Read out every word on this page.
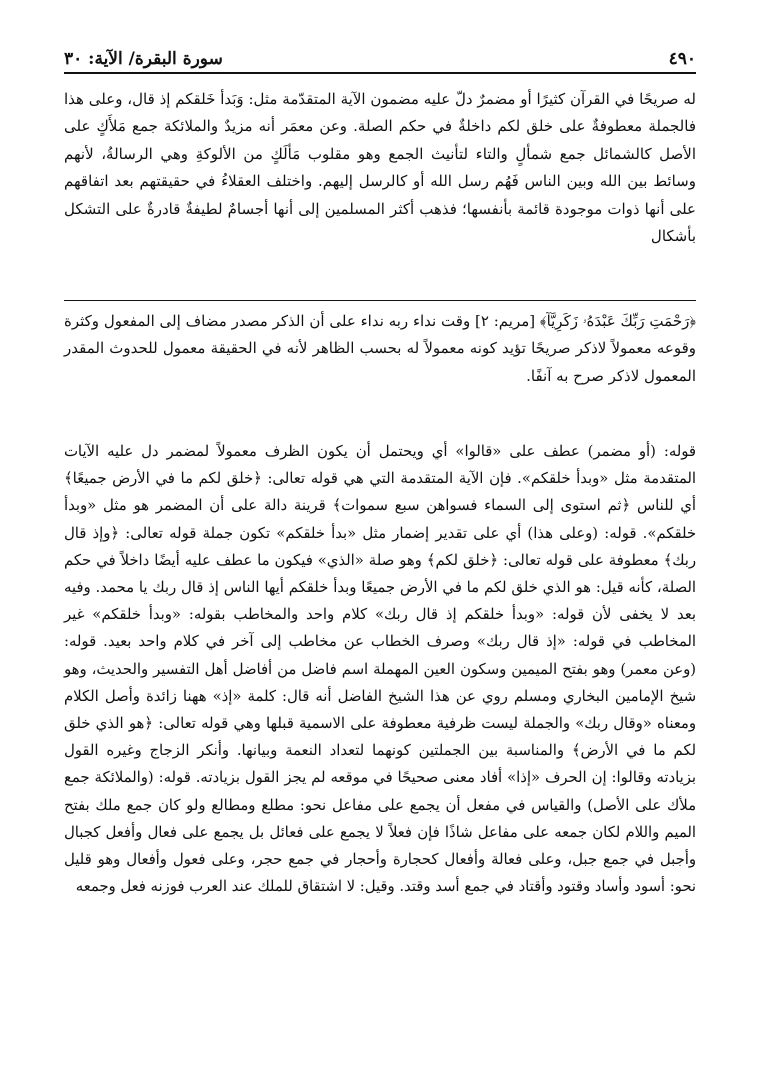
٤٩٠
سورة البقرة/ الآية: ٣٠

له صريحًا في القرآن كثيرًا أو مضمرٌ دلّ عليه مضمون الآية المتقدّمة مثل: وَبَدأ خَلقكم إذ قال، وعلى هذا فالجملة معطوفةٌ على خلق لكم داخلةٌ في حكم الصلة. وعن معمَر أنه مزيدٌ والملائكة جمع مَلأَكٍ على الأصل كالشمائل جمع شمألٍ والتاء لتأنيث الجمع وهو مقلوب مَألَكٍ من الألوكةِ وهي الرسالةُ، لأنهم وسائط بين الله وبين الناس فَهُم رسل الله أو كالرسل إليهم. واختلف العقلاءُ في حقيقتهم بعد اتفاقهم على أنها ذوات موجودة قائمة بأنفسها؛ فذهب أكثر المسلمين إلى أنها أجسامٌ لطيفةٌ قادرةٌ على التشكل بأشكال

﴿رَحْمَتِ رَبِّكَ عَبْدَهُۥ زَكَرِيَّآ﴾ [مريم: ٢] وقت نداء ربه نداء على أن الذكر مصدر مضاف إلى المفعول وكثرة وقوعه معمولاً لاذكر صريحًا تؤيد كونه معمولاً له بحسب الظاهر لأنه في الحقيقة معمول للحدوث المقدر المعمول لاذكر صرح به آنفًا.

قوله: (أو مضمر) عطف على «قالوا» أي ويحتمل أن يكون الظرف معمولاً لمضمر دل عليه الآيات المتقدمة مثل «وبدأ خلقكم». فإن الآية المتقدمة التي هي قوله تعالى: ﴿خلق لكم ما في الأرض جميعًا﴾ أي للناس ﴿ثم استوى إلى السماء فسواهن سبع سموات﴾ قرينة دالة على أن المضمر هو مثل «وبدأ خلقكم». قوله: (وعلى هذا) أي على تقدير إضمار مثل «بدأ خلقكم» تكون جملة قوله تعالى: ﴿وإذ قال ربك﴾ معطوفة على قوله تعالى: ﴿خلق لكم﴾ وهو صلة «الذي» فيكون ما عطف عليه أيضًا داخلاً في حكم الصلة، كأنه قيل: هو الذي خلق لكم ما في الأرض جميعًا وبدأ خلقكم أيها الناس إذ قال ربك يا محمد. وفيه بعد لا يخفى لأن قوله: «وبدأ خلقكم إذ قال ربك» كلام واحد والمخاطب بقوله: «وبدأ خلقكم» غير المخاطب في قوله: «إذ قال ربك» وصرف الخطاب عن مخاطب إلى آخر في كلام واحد بعيد. قوله: (وعن معمر) وهو بفتح الميمين وسكون العين المهملة اسم فاضل من أفاضل أهل التفسير والحديث، وهو شيخ الإمامين البخاري ومسلم روي عن هذا الشيخ الفاضل أنه قال: كلمة «إذ» ههنا زائدة وأصل الكلام ومعناه «وقال ربك» والجملة ليست ظرفية معطوفة على الاسمية قبلها وهي قوله تعالى: ﴿هو الذي خلق لكم ما في الأرض﴾ والمناسبة بين الجملتين كونهما لتعداد النعمة وبيانها. وأنكر الزجاج وغيره القول بزيادته وقالوا: إن الحرف «إذا» أفاد معنى صحيحًا في موقعه لم يجز القول بزيادته. قوله: (والملائكة جمع ملأك على الأصل) والقياس في مفعل أن يجمع على مفاعل نحو: مطلع ومطالع ولو كان جمع ملك بفتح الميم واللام لكان جمعه على مفاعل شاذًا فإن فعلاً لا يجمع على فعائل بل يجمع على فعال وأفعل كجبال وأجبل في جمع جبل، وعلى فعالة وأفعال كحجارة وأحجار في جمع حجر، وعلى فعول وأفعال وهو قليل نحو: أسود وأساد وقتود وأقتاد في جمع أسد وقتد. وقيل: لا اشتقاق للملك عند العرب فوزنه فعل وجمعه
